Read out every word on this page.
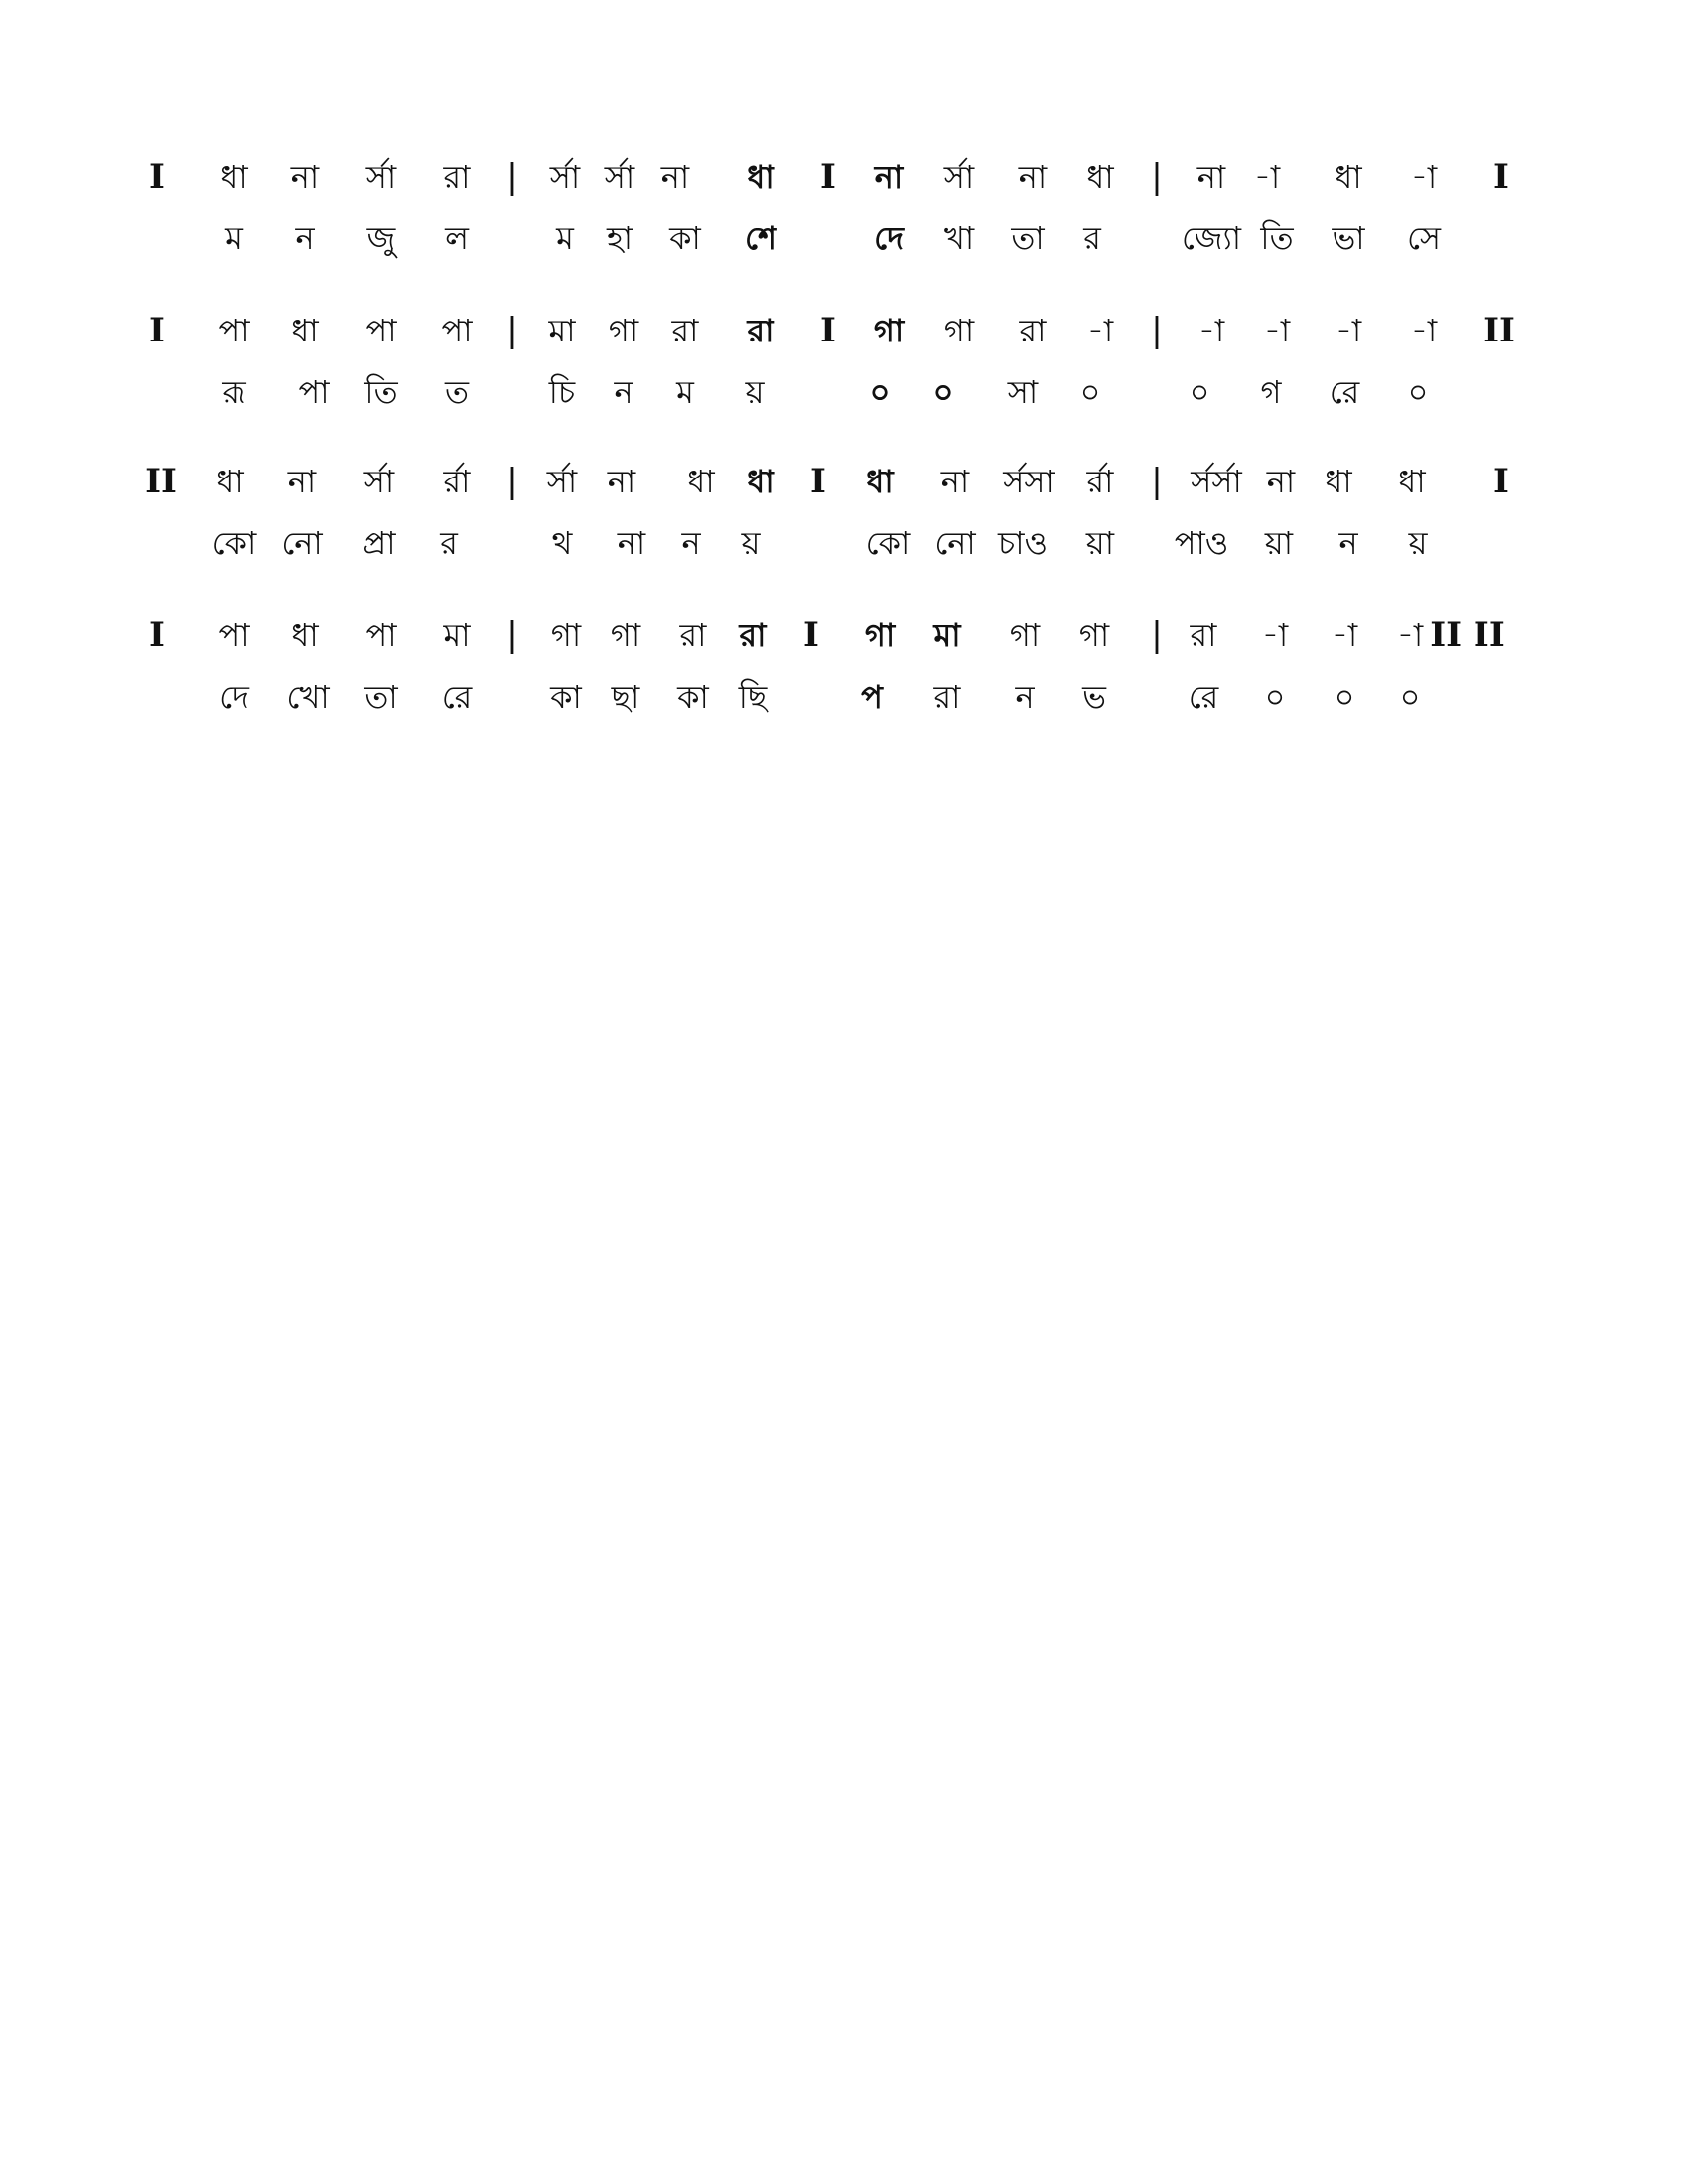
I ধা না র্সা রা | র্সা র্সা না ধা I না র্সা না ধা | না -া ধা -া I
ম ন জু ল	ম হা কা শে	দে খা তা র	জ্যো তি ভা সে
I পা ধা পা পা | মা গা রা রা I গা গা রা -া | -া -া -া -া II
রূ পা তি ত	চি ন ম য়	০ ০ সা ০	০ গ রে ০
II ধা না র্সা র্রা | র্সা না ধা ধা I ধা না র্সসা র্রা | র্সর্সা না ধা ধা I
কো নো প্রা র	থ না ন য়	কো নো চাও য়া পাও য়া ন য়
I পা ধা পা মা | গা গা রা রা I গা মা গা গা | রা -া -া -া II II
দে খো তা রে কা ছা কা ছি	প রা ন ভ	রে ০ ০ ০
